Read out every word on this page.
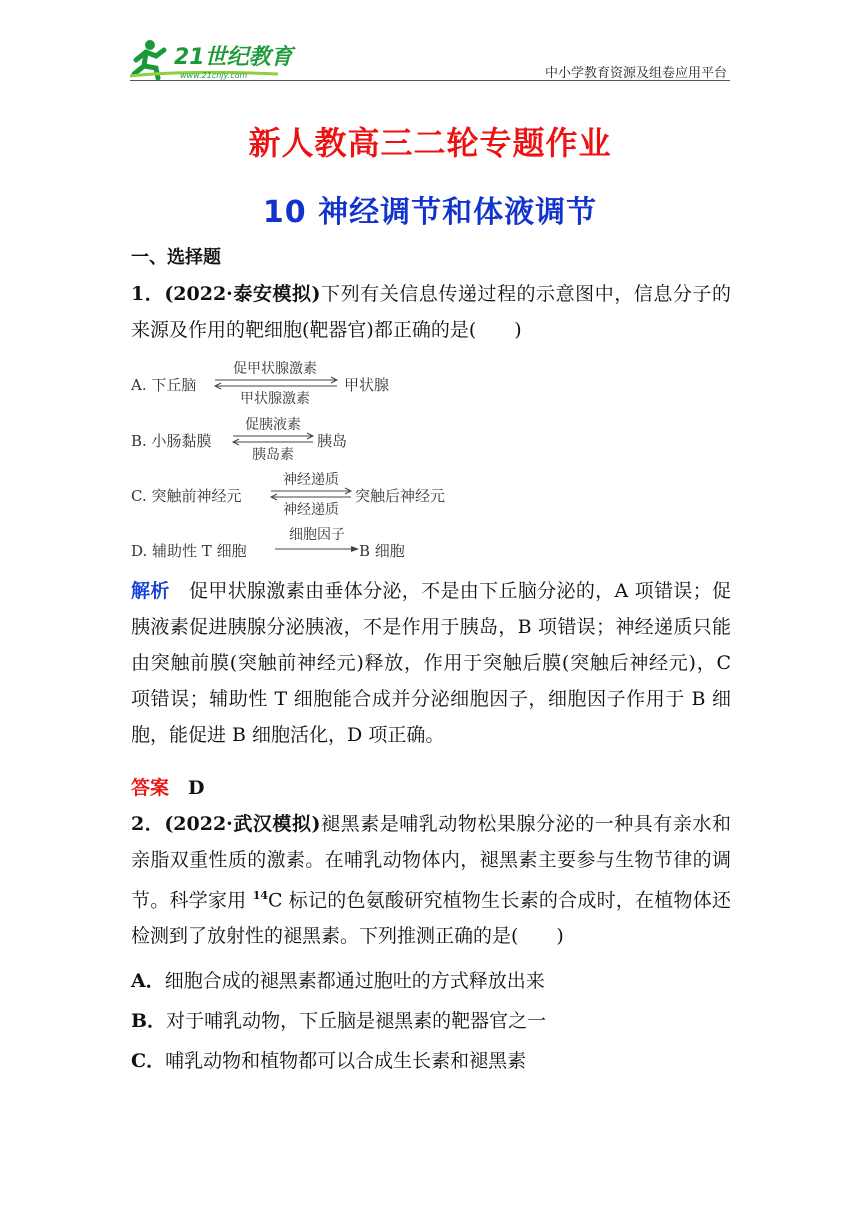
21世纪教育
www.21cnjy.com	中小学教育资源及组卷应用平台
新人教高三二轮专题作业
10 神经调节和体液调节
一、选择题
1．(2022·泰安模拟)下列有关信息传递过程的示意图中，信息分子的来源及作用的靶细胞(靶器官)都正确的是(　　)
A. 下丘脑
促甲状腺激素
甲状腺激素
甲状腺
B. 小肠黏膜
促胰液素
胰岛素
胰岛
C. 突触前神经元
神经递质
神经递质
突触后神经元
D. 辅助性 T 细胞
细胞因子
B 细胞
解析　 促甲状腺激素由垂体分泌，不是由下丘脑分泌的，A 项错误；促胰液素促进胰腺分泌胰液，不是作用于胰岛，B 项错误；神经递质只能由突触前膜(突触前神经元)释放，作用于突触后膜(突触后神经元)，C 项错误；辅助性 T 细胞能合成并分泌细胞因子，细胞因子作用于 B 细胞，能促进 B 细胞活化，D 项正确。
答案　 D
2．(2022·武汉模拟)褪黑素是哺乳动物松果腺分泌的一种具有亲水和亲脂双重性质的激素。在哺乳动物体内，褪黑素主要参与生物节律的调节。科学家用 $^{14}$C 标记的色氨酸研究植物生长素的合成时，在植物体还检测到了放射性的褪黑素。下列推测正确的是(　　)
A．细胞合成的褪黑素都通过胞吐的方式释放出来
B．对于哺乳动物，下丘脑是褪黑素的靶器官之一
C．哺乳动物和植物都可以合成生长素和褪黑素
